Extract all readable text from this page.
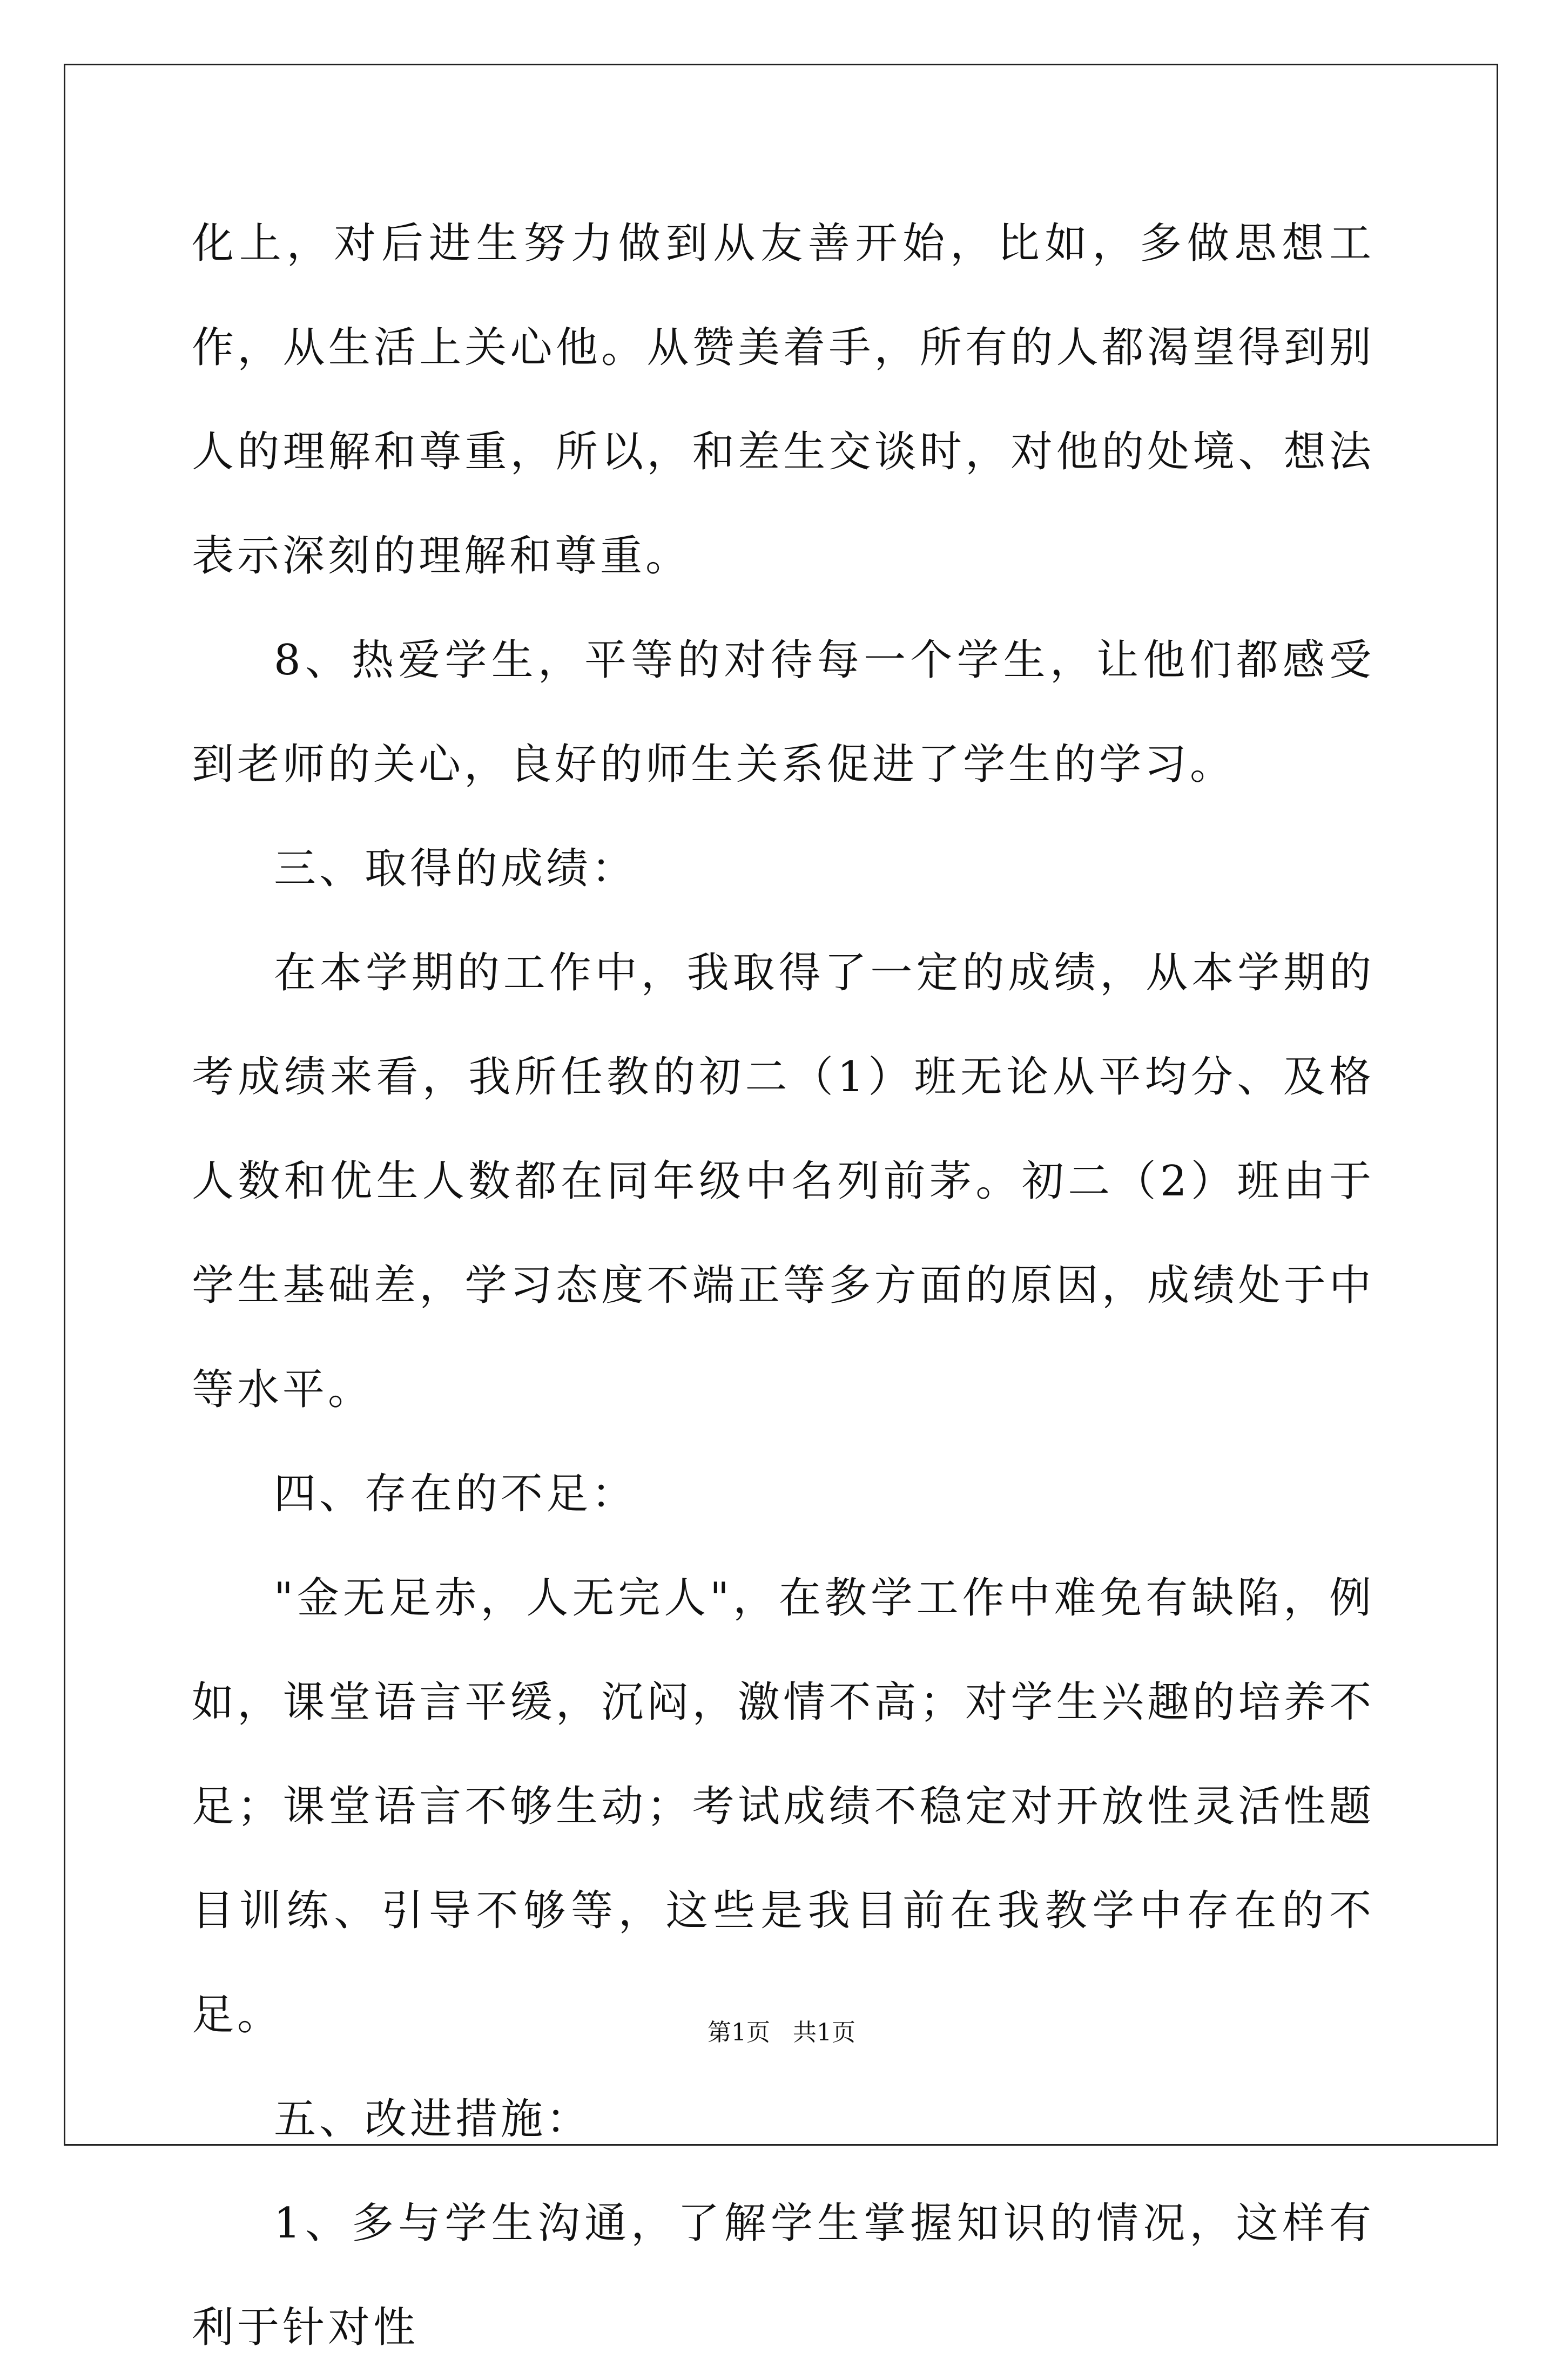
化上，对后进生努力做到从友善开始，比如，多做思想工作，从生活上关心他。从赞美着手，所有的人都渴望得到别人的理解和尊重，所以，和差生交谈时，对他的处境、想法表示深刻的理解和尊重。

8、热爱学生，平等的对待每一个学生，让他们都感受到老师的关心，良好的师生关系促进了学生的学习。

三、取得的成绩：

在本学期的工作中，我取得了一定的成绩，从本学期的考成绩来看，我所任教的初二（1）班无论从平均分、及格人数和优生人数都在同年级中名列前茅。初二（2）班由于学生基础差，学习态度不端正等多方面的原因，成绩处于中等水平。

四、存在的不足：

"金无足赤，人无完人"，在教学工作中难免有缺陷，例如，课堂语言平缓，沉闷，激情不高；对学生兴趣的培养不足；课堂语言不够生动；考试成绩不稳定对开放性灵活性题目训练、引导不够等，这些是我目前在我教学中存在的不足。

五、改进措施：

1、多与学生沟通，了解学生掌握知识的情况，这样有利于针对性

第1页 共1页
